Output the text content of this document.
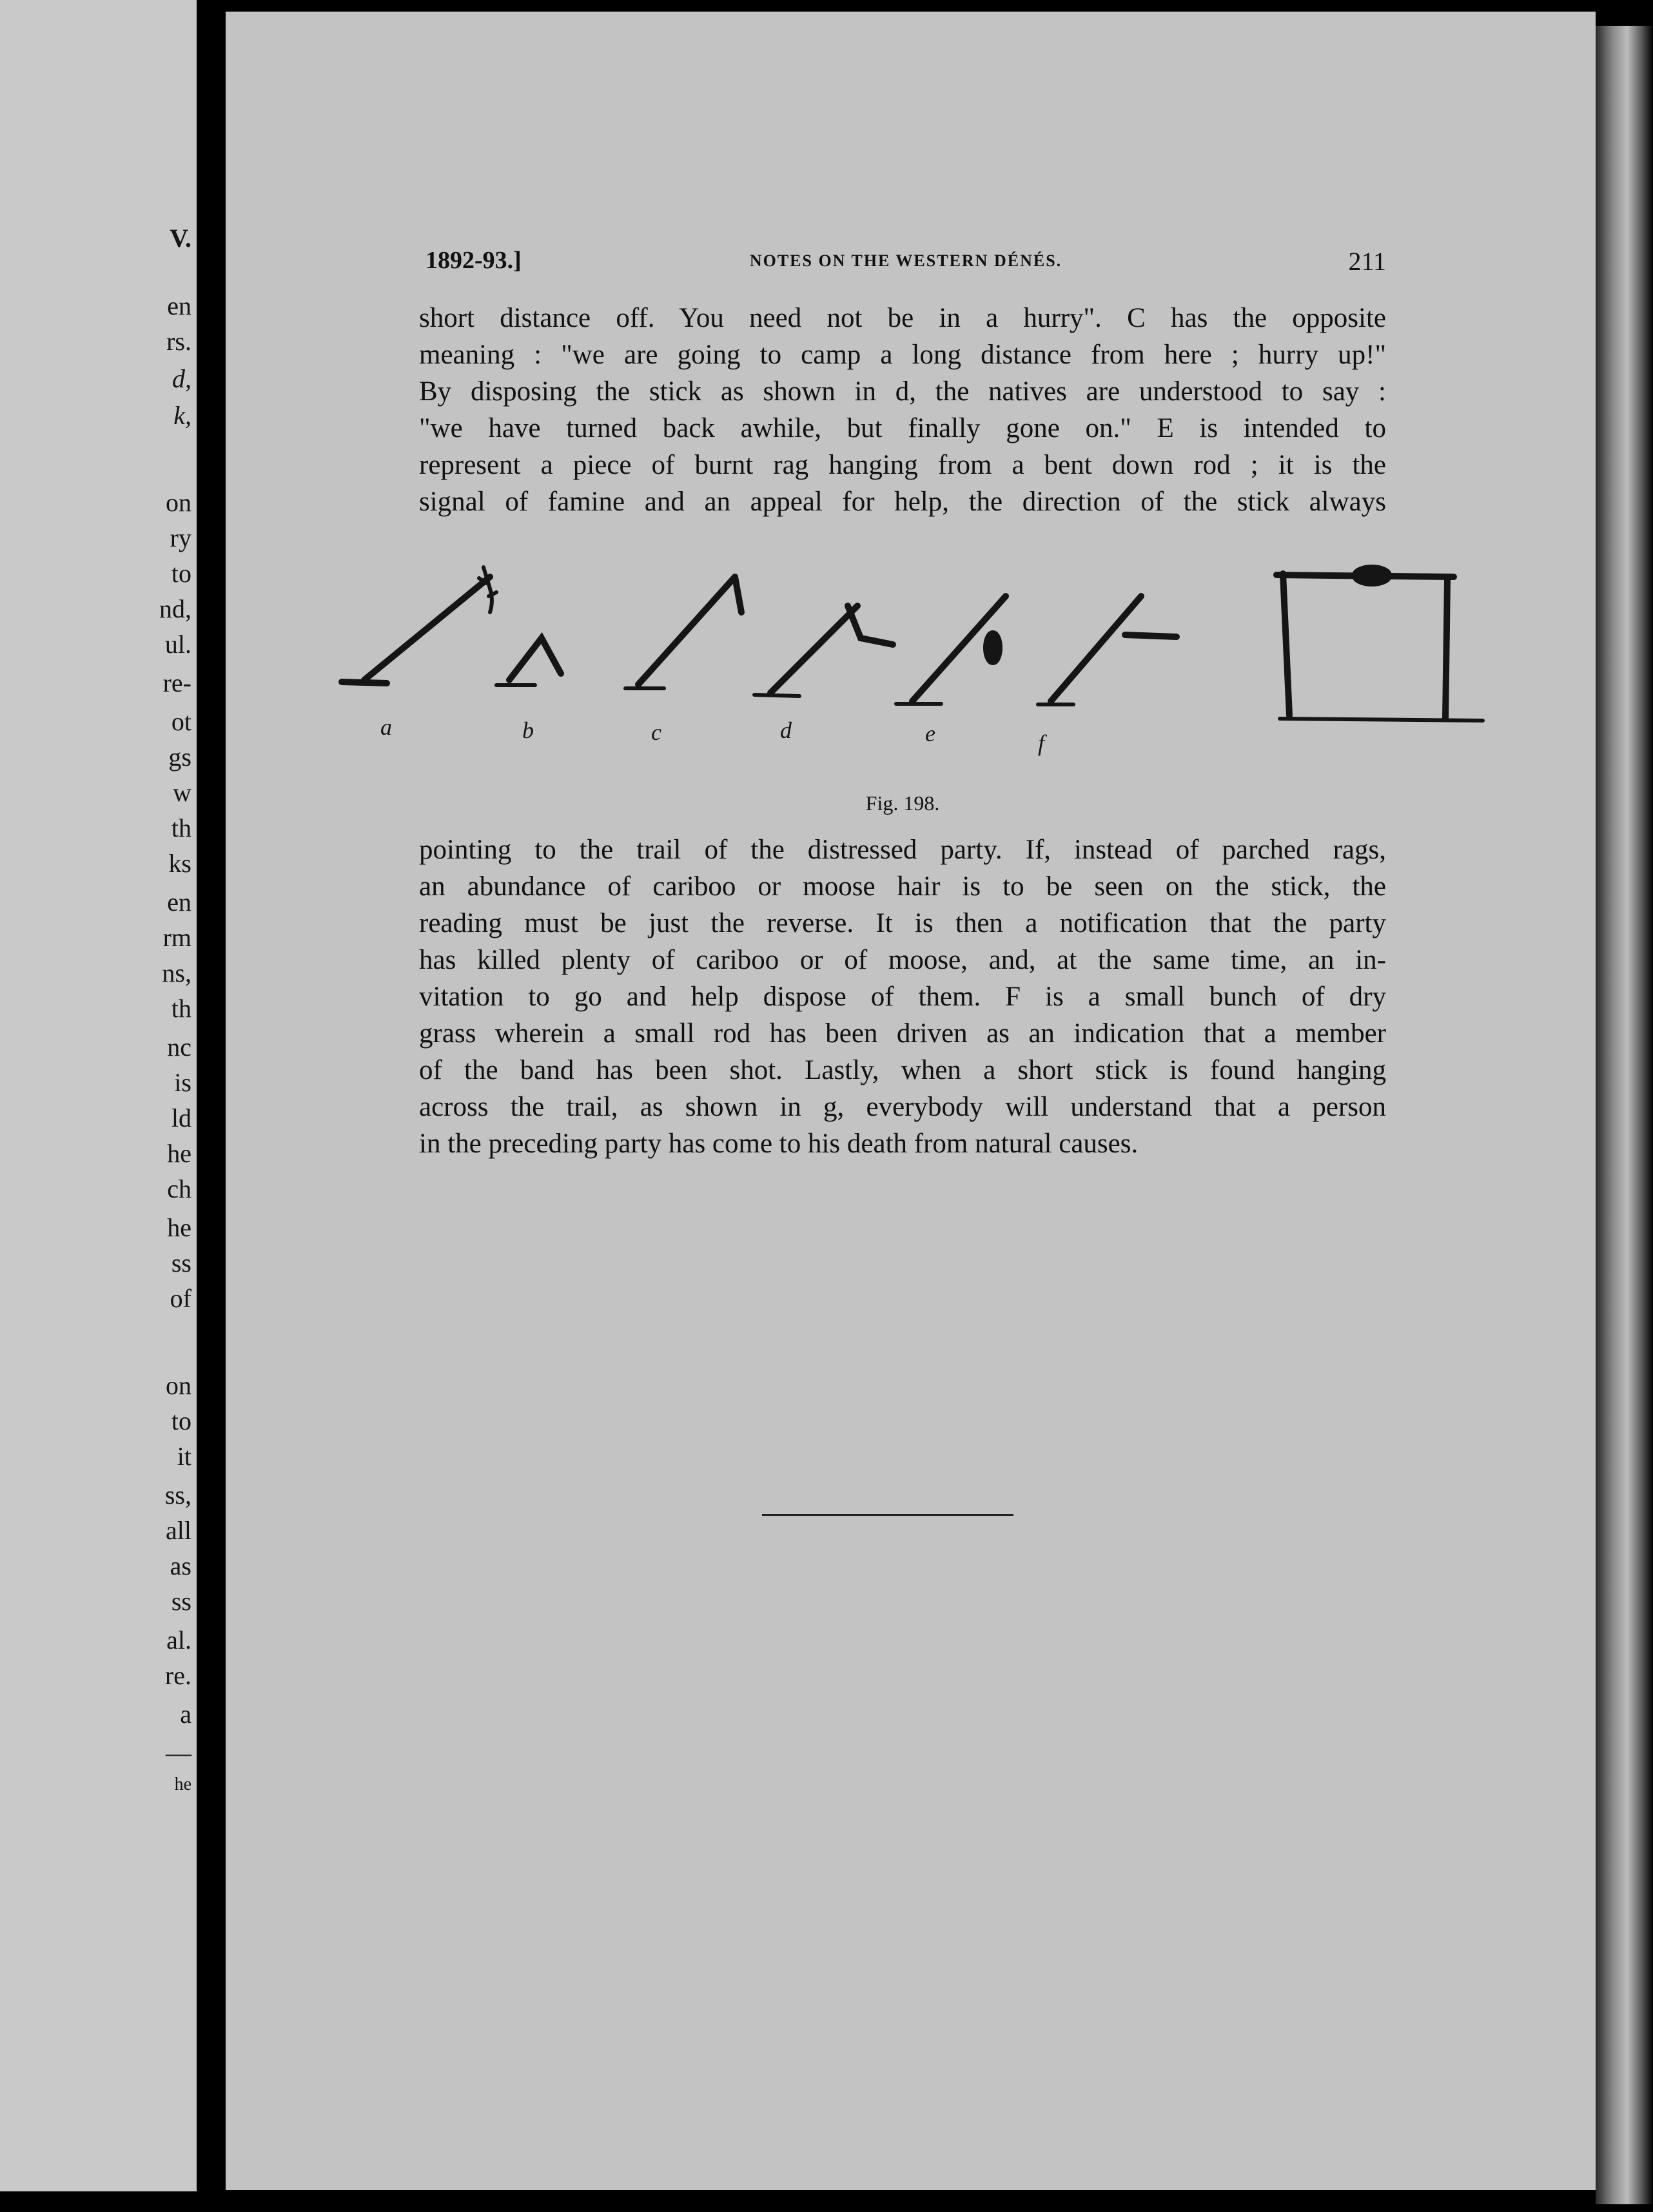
V.
en
rs.
d,
k,
on
ry
to
nd,
ul.
re-
ot
gs
w
th
ks
en
rm
ns,
th
nc
is
ld
he
ch
he
ss
of
on
to
it
ss,
all
as
ss
al.
re.
a
—
he
1892-93.]	NOTES ON THE WESTERN DÉNÉS.	211
short distance off. You need not be in a hurry". C has the opposite
meaning : "we are going to camp a long distance from here ; hurry up!"
By disposing the stick as shown in d, the natives are understood to say :
"we have turned back awhile, but finally gone on." E is intended to
represent a piece of burnt rag hanging from a bent down rod ; it is the
signal of famine and an appeal for help, the direction of the stick always
a	b	c	d	e	f
Fig. 198.
pointing to the trail of the distressed party. If, instead of parched rags,
an abundance of cariboo or moose hair is to be seen on the stick, the
reading must be just the reverse. It is then a notification that the party
has killed plenty of cariboo or of moose, and, at the same time, an in-
vitation to go and help dispose of them. F is a small bunch of dry
grass wherein a small rod has been driven as an indication that a member
of the band has been shot. Lastly, when a short stick is found hanging
across the trail, as shown in g, everybody will understand that a person
in the preceding party has come to his death from natural causes.
